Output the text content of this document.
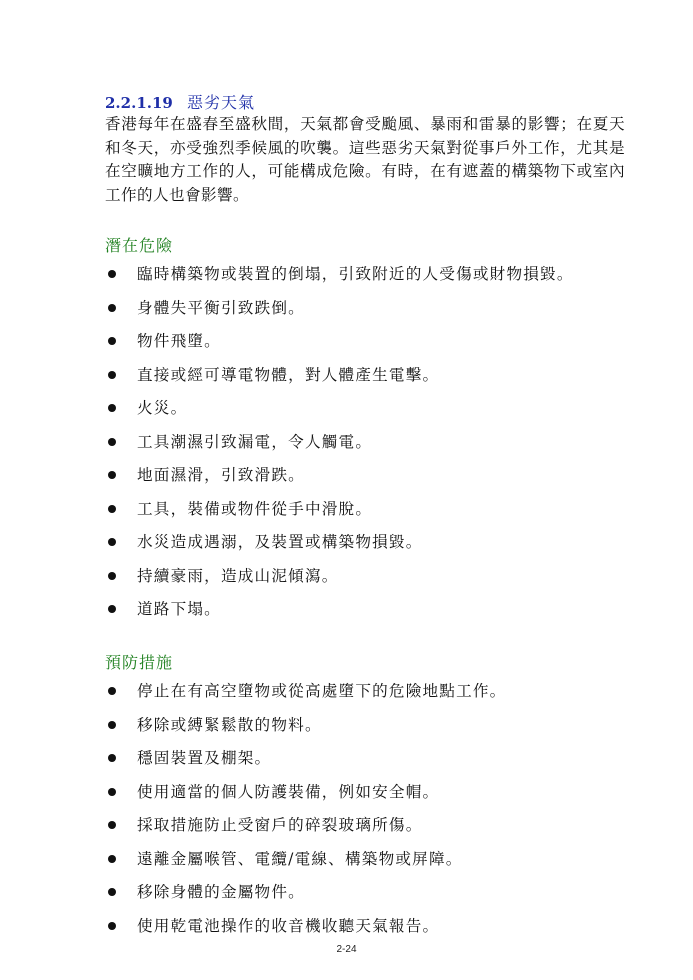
2.2.1.19 惡劣天氣

香港每年在盛春至盛秋間，天氣都會受颱風、暴雨和雷暴的影響；在夏天和冬天，亦受強烈季候風的吹襲。這些惡劣天氣對從事戶外工作，尤其是在空曠地方工作的人，可能構成危險。有時，在有遮蓋的構築物下或室內工作的人也會影響。

潛在危險
臨時構築物或裝置的倒塌，引致附近的人受傷或財物損毀。
身體失平衡引致跌倒。
物件飛墮。
直接或經可導電物體，對人體產生電擊。
火災。
工具潮濕引致漏電，令人觸電。
地面濕滑，引致滑跌。
工具，裝備或物件從手中滑脫。
水災造成遇溺，及裝置或構築物損毀。
持續豪雨，造成山泥傾瀉。
道路下塌。
預防措施
停止在有高空墮物或從高處墮下的危險地點工作。
移除或縛緊鬆散的物料。
穩固裝置及棚架。
使用適當的個人防護裝備，例如安全帽。
採取措施防止受窗戶的碎裂玻璃所傷。
遠離金屬喉管、電纜/電線、構築物或屏障。
移除身體的金屬物件。
使用乾電池操作的收音機收聽天氣報告。
2-24
